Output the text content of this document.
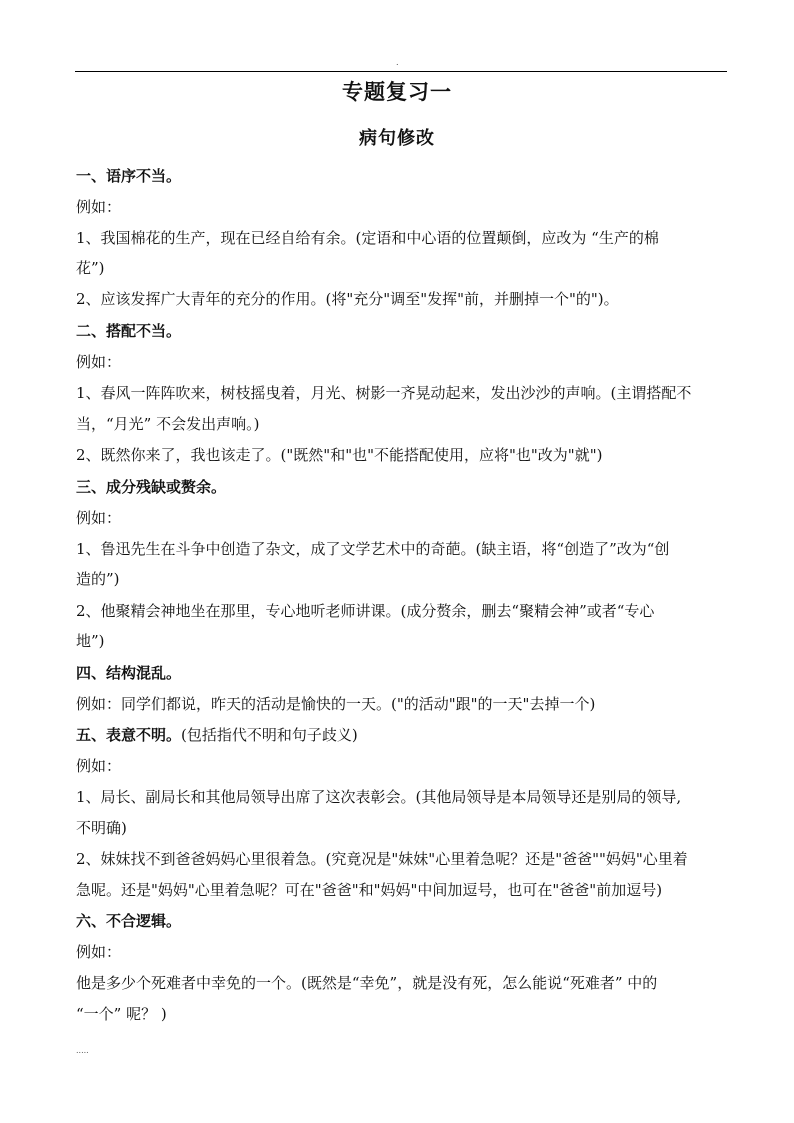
.
专题复习一
病句修改
一、语序不当。
例如：
1、我国棉花的生产，现在已经自给有余。(定语和中心语的位置颠倒，应改为 “生产的棉
花”)
2、应该发挥广大青年的充分的作用。(将"充分"调至"发挥"前，并删掉一个"的")。
二、搭配不当。
例如：
1、春风一阵阵吹来，树枝摇曳着，月光、树影一齐晃动起来，发出沙沙的声响。(主谓搭配不
当，“月光” 不会发出声响。)
2、既然你来了，我也该走了。("既然"和"也"不能搭配使用，应将"也"改为"就")
三、成分残缺或赘余。
例如：
1、鲁迅先生在斗争中创造了杂文，成了文学艺术中的奇葩。(缺主语，将“创造了”改为“创
造的”)
2、他聚精会神地坐在那里，专心地听老师讲课。(成分赘余，删去“聚精会神”或者“专心
地”)
四、结构混乱。
例如：同学们都说，昨天的活动是愉快的一天。("的活动"跟"的一天"去掉一个)
五、表意不明。(包括指代不明和句子歧义)
例如：
1、局长、副局长和其他局领导出席了这次表彰会。(其他局领导是本局领导还是别局的领导,
不明确)
2、妹妹找不到爸爸妈妈心里很着急。(究竟况是"妹妹"心里着急呢？还是"爸爸""妈妈"心里着
急呢。还是"妈妈"心里着急呢？可在"爸爸"和"妈妈"中间加逗号，也可在"爸爸"前加逗号)
六、不合逻辑。
例如：
他是多少个死难者中幸免的一个。(既然是“幸免”，就是没有死，怎么能说“死难者” 中的
“一个” 呢？ )
.....
